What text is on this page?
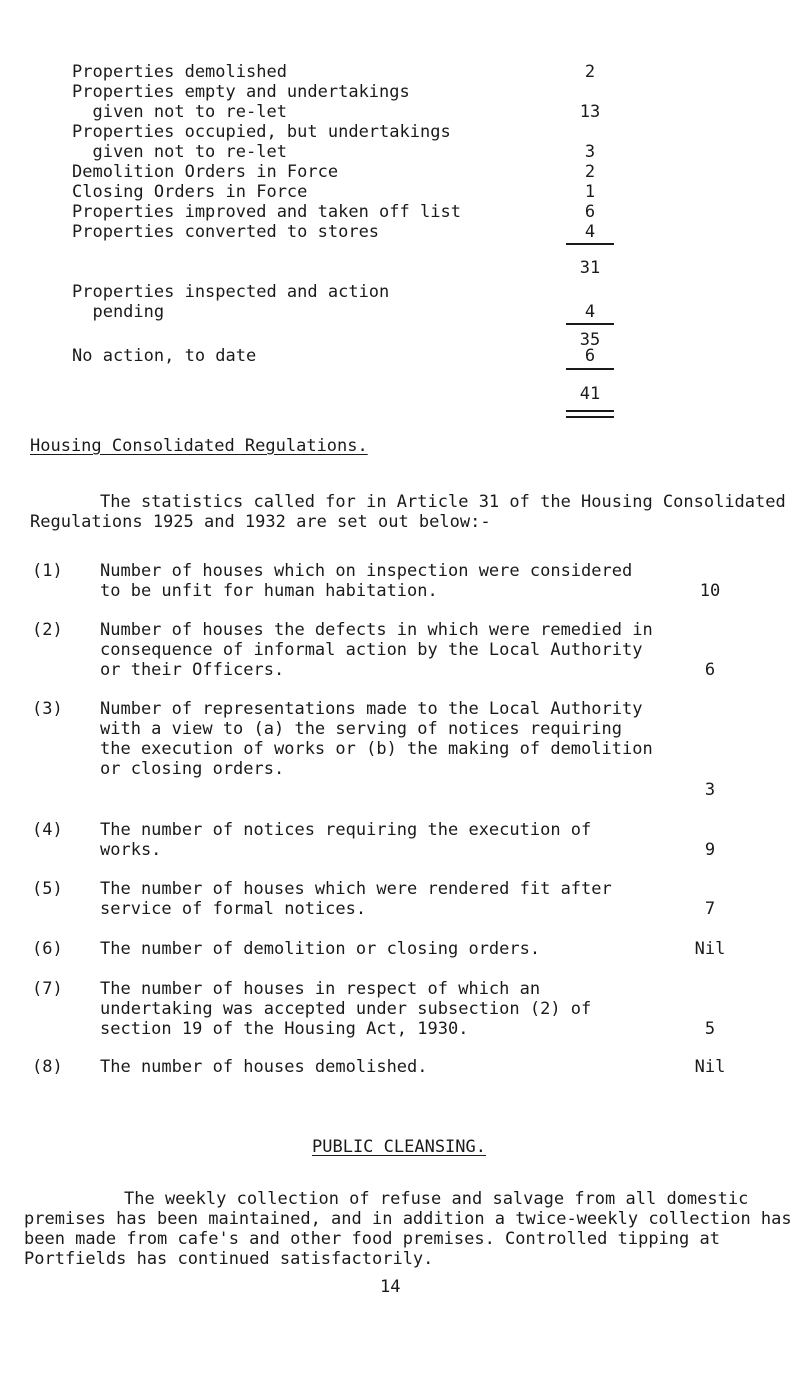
Properties demolished	2
Properties empty and undertakings
given not to re-let	13
Properties occupied, but undertakings
given not to re-let	3
Demolition Orders in Force	2
Closing Orders in Force	1
Properties improved and taken off list	6
Properties converted to stores	4
31
Properties inspected and action
pending	4
35
No action, to date	6
41
Housing Consolidated Regulations.
The statistics called for in Article 31 of the Housing Consolidated Regulations 1925 and 1932 are set out below:-
(1) Number of houses which on inspection were considered to be unfit for human habitation.	10
(2) Number of houses the defects in which were remedied in consequence of informal action by the Local Authority or their Officers.	6
(3) Number of representations made to the Local Authority with a view to (a) the serving of notices requiring the execution of works or (b) the making of demolition or closing orders.
3
(4) The number of notices requiring the execution of works.	9
(5) The number of houses which were rendered fit after service of formal notices.	7
(6) The number of demolition or closing orders.	Nil
(7) The number of houses in respect of which an undertaking was accepted under subsection (2) of section 19 of the Housing Act, 1930.	5
(8) The number of houses demolished.	Nil
PUBLIC CLEANSING.
The weekly collection of refuse and salvage from all domestic premises has been maintained, and in addition a twice-weekly collection has been made from cafe's and other food premises. Controlled tipping at Portfields has continued satisfactorily.
14
